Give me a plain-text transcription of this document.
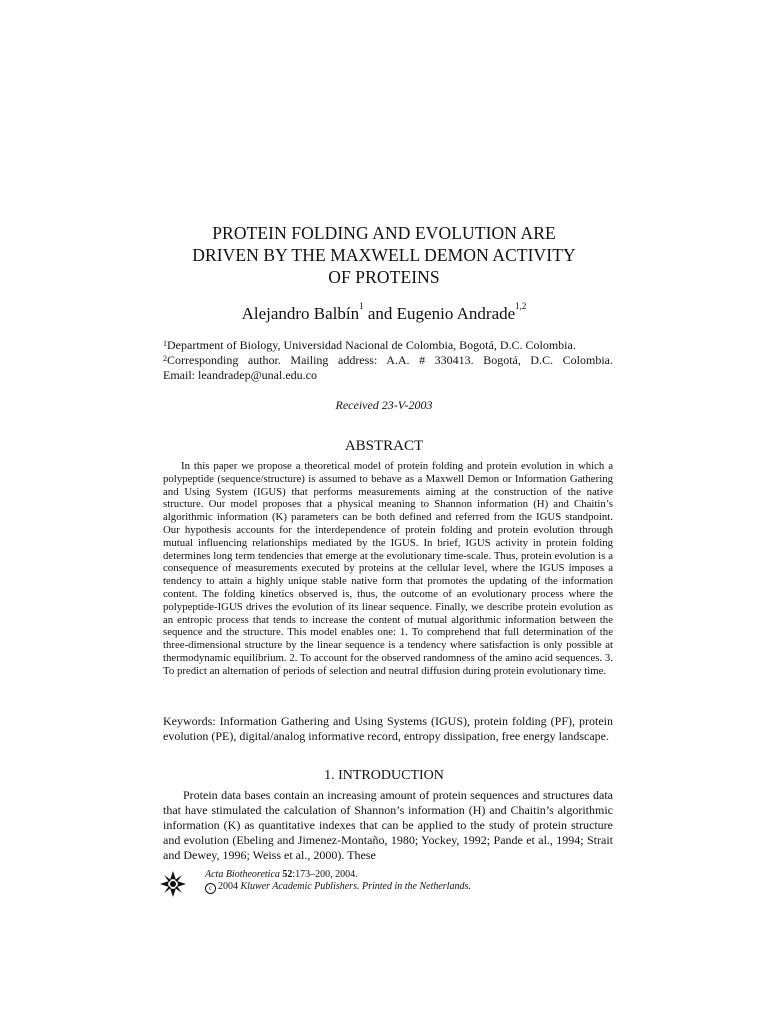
PROTEIN FOLDING AND EVOLUTION ARE
DRIVEN BY THE MAXWELL DEMON ACTIVITY
OF PROTEINS
Alejandro Balbín$^1$ and Eugenio Andrade$^{1,2}$
$^1$Department of Biology, Universidad Nacional de Colombia, Bogotá, D.C. Colombia.
$^2$Corresponding author. Mailing address: A.A. # 330413. Bogotá, D.C. Colombia.
Email: leandradep@unal.edu.co
Received 23-V-2003
ABSTRACT

In this paper we propose a theoretical model of protein folding and protein evolution in which a polypeptide (sequence/structure) is assumed to behave as a Maxwell Demon or Information Gathering and Using System (IGUS) that performs measurements aiming at the construction of the native structure. Our model proposes that a physical meaning to Shannon information (H) and Chaitin’s algorithmic information (K) parameters can be both defined and referred from the IGUS standpoint. Our hypothesis accounts for the interdependence of protein folding and protein evolution through mutual influencing relationships mediated by the IGUS. In brief, IGUS activity in protein folding determines long term tendencies that emerge at the evolutionary time-scale. Thus, protein evolution is a consequence of measurements executed by proteins at the cellular level, where the IGUS imposes a tendency to attain a highly unique stable native form that promotes the updating of the information content. The folding kinetics observed is, thus, the outcome of an evolutionary process where the polypeptide-IGUS drives the evolution of its linear sequence. Finally, we describe protein evolution as an entropic process that tends to increase the content of mutual algorithmic information between the sequence and the structure. This model enables one: 1. To comprehend that full determination of the three-dimensional structure by the linear sequence is a tendency where satisfaction is only possible at thermodynamic equilibrium. 2. To account for the observed randomness of the amino acid sequences. 3. To predict an alternation of periods of selection and neutral diffusion during protein evolutionary time.

Keywords: Information Gathering and Using Systems (IGUS), protein folding (PF), protein evolution (PE), digital/analog informative record, entropy dissipation, free energy landscape.

1. INTRODUCTION

Protein data bases contain an increasing amount of protein sequences and structures data that have stimulated the calculation of Shannon’s information (H) and Chaitin’s algorithmic information (K) as quantitative indexes that can be applied to the study of protein structure and evolution (Ebeling and Jimenez-Montaño, 1980; Yockey, 1992; Pande et al., 1994; Strait and Dewey, 1996; Weiss et al., 2000). These

Acta Biotheoretica 52:173–200, 2004.
c 2004 Kluwer Academic Publishers. Printed in the Netherlands.
